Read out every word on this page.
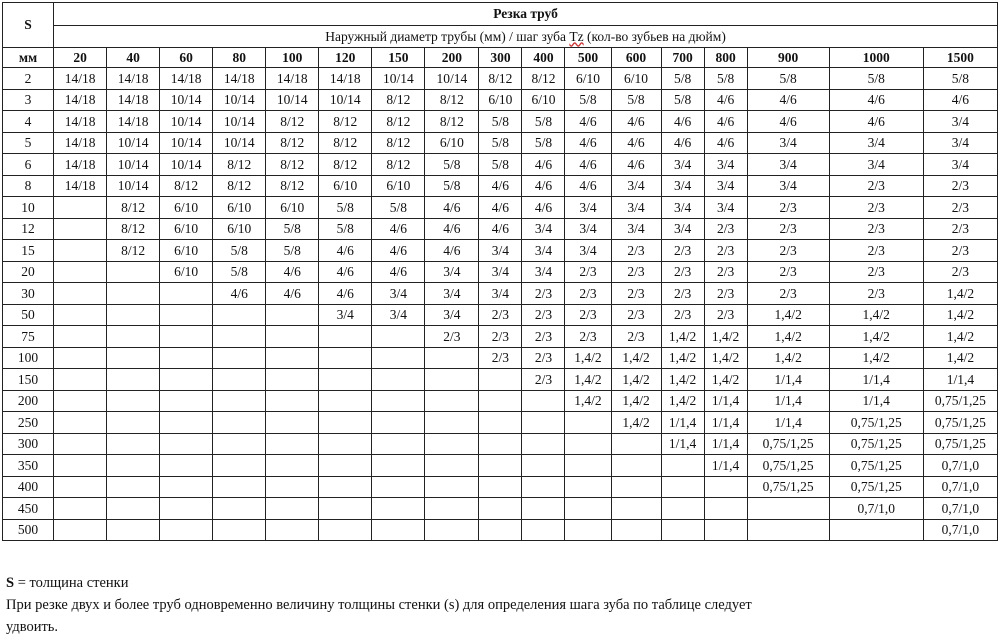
S	Резка труб																
	Наружный диаметр трубы (мм) / шаг зуба Tz (кол-во зубьев на дюйм)																
мм	20	40	60	80	100	120	150	200	300	400	500	600	700	800	900	1000	1500
2	14/18	14/18	14/18	14/18	14/18	14/18	10/14	10/14	8/12	8/12	6/10	6/10	5/8	5/8	5/8	5/8	5/8
3	14/18	14/18	10/14	10/14	10/14	10/14	8/12	8/12	6/10	6/10	5/8	5/8	5/8	4/6	4/6	4/6	4/6
4	14/18	14/18	10/14	10/14	8/12	8/12	8/12	8/12	5/8	5/8	4/6	4/6	4/6	4/6	4/6	4/6	3/4
5	14/18	10/14	10/14	10/14	8/12	8/12	8/12	6/10	5/8	5/8	4/6	4/6	4/6	4/6	3/4	3/4	3/4
6	14/18	10/14	10/14	8/12	8/12	8/12	8/12	5/8	5/8	4/6	4/6	4/6	3/4	3/4	3/4	3/4	3/4
8	14/18	10/14	8/12	8/12	8/12	6/10	6/10	5/8	4/6	4/6	4/6	3/4	3/4	3/4	3/4	2/3	2/3
10		8/12	6/10	6/10	6/10	5/8	5/8	4/6	4/6	4/6	3/4	3/4	3/4	3/4	2/3	2/3	2/3
12		8/12	6/10	6/10	5/8	5/8	4/6	4/6	4/6	3/4	3/4	3/4	3/4	2/3	2/3	2/3	2/3
15		8/12	6/10	5/8	5/8	4/6	4/6	4/6	3/4	3/4	3/4	2/3	2/3	2/3	2/3	2/3	2/3
20			6/10	5/8	4/6	4/6	4/6	3/4	3/4	3/4	2/3	2/3	2/3	2/3	2/3	2/3	2/3
30				4/6	4/6	4/6	3/4	3/4	3/4	2/3	2/3	2/3	2/3	2/3	2/3	2/3	1,4/2
50						3/4	3/4	3/4	2/3	2/3	2/3	2/3	2/3	2/3	1,4/2	1,4/2	1,4/2
75								2/3	2/3	2/3	2/3	2/3	1,4/2	1,4/2	1,4/2	1,4/2	1,4/2
100									2/3	2/3	1,4/2	1,4/2	1,4/2	1,4/2	1,4/2	1,4/2	1,4/2
150										2/3	1,4/2	1,4/2	1,4/2	1,4/2	1/1,4	1/1,4	1/1,4
200											1,4/2	1,4/2	1,4/2	1/1,4	1/1,4	1/1,4	0,75/1,25
250												1,4/2	1/1,4	1/1,4	1/1,4	0,75/1,25	0,75/1,25
300													1/1,4	1/1,4	0,75/1,25	0,75/1,25	0,75/1,25
350														1/1,4	0,75/1,25	0,75/1,25	0,7/1,0
400															0,75/1,25	0,75/1,25	0,7/1,0
450																0,7/1,0	0,7/1,0
500																	0,7/1,0

S = толщина стенки

При резке двух и более труб одновременно величину толщины стенки (s) для определения шага зуба по таблице следует

удвоить.
